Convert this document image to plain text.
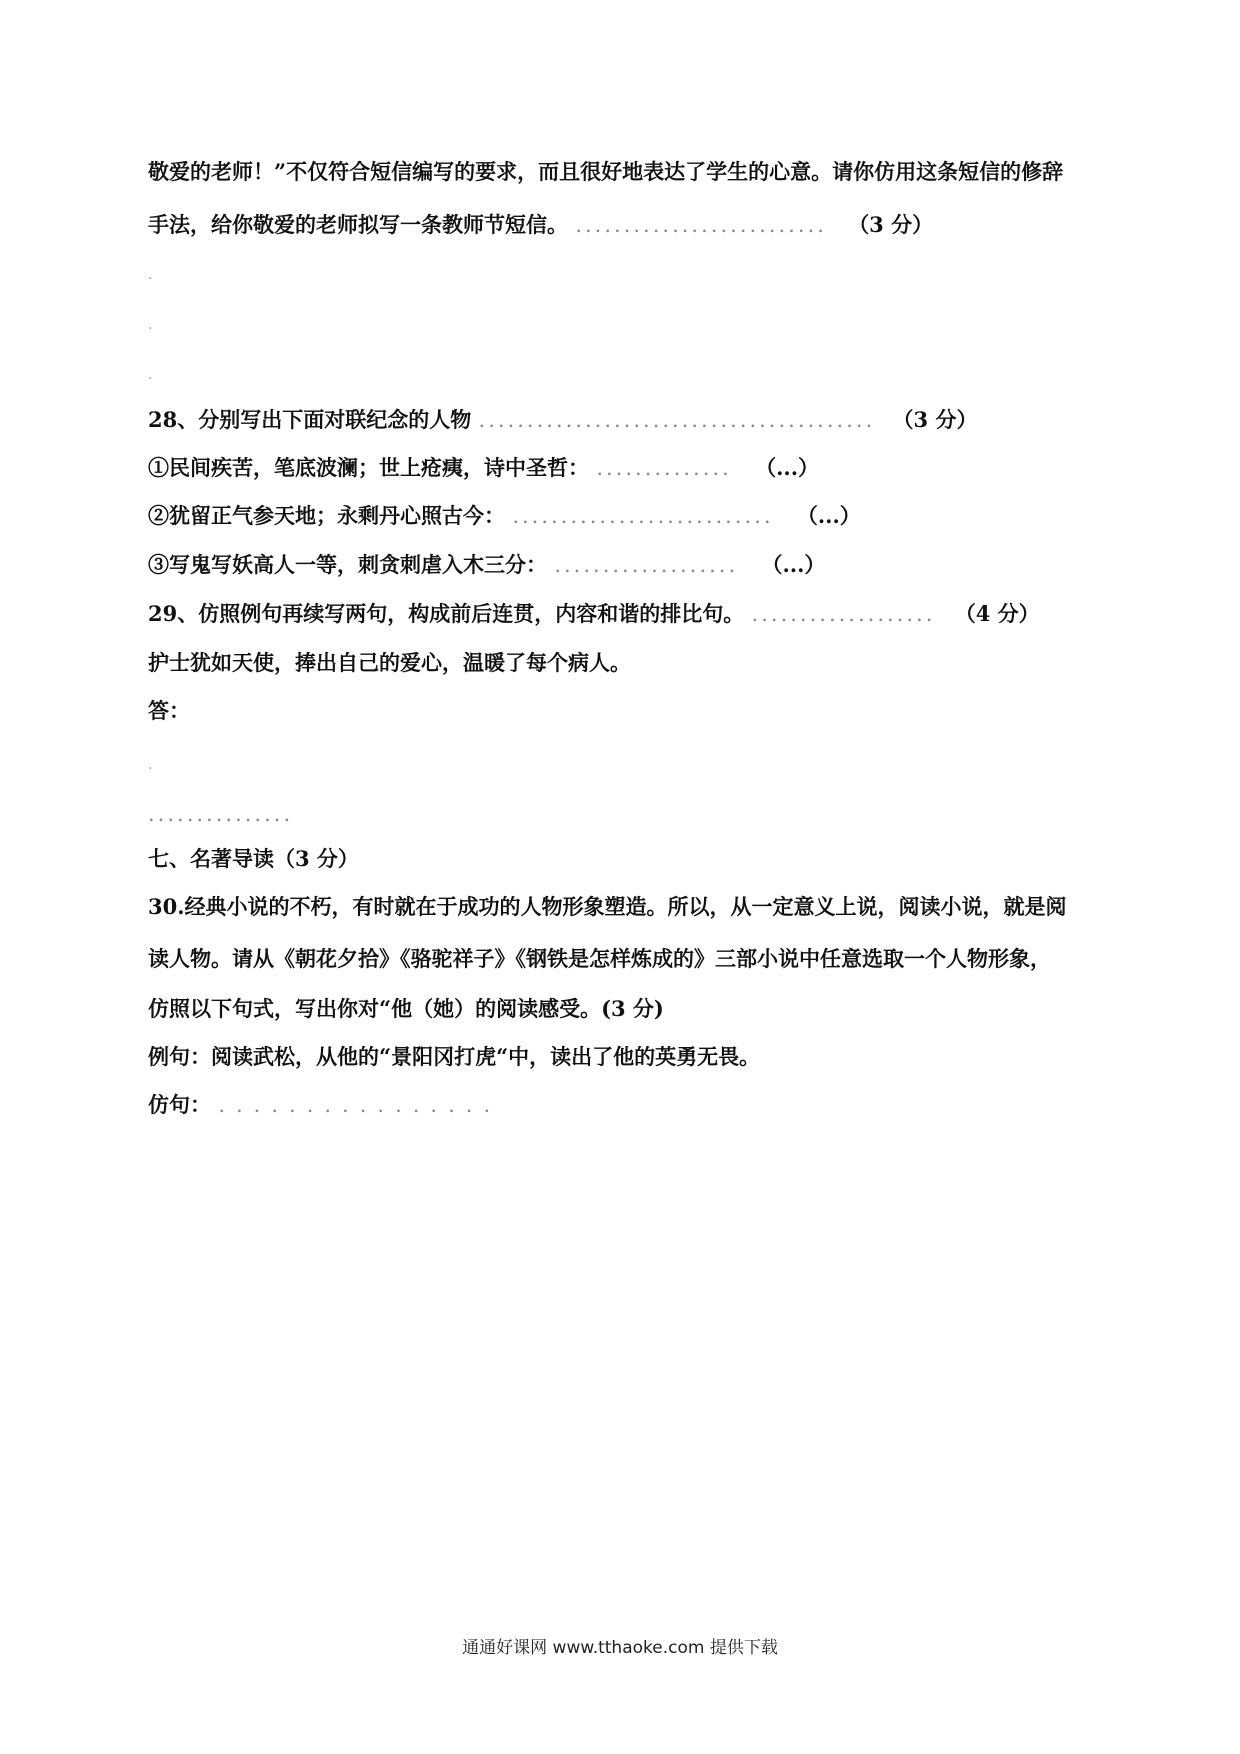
敬爱的老师！”不仅符合短信编写的要求，而且很好地表达了学生的心意。请你仿用这条短信的修辞
手法，给你敬爱的老师拟写一条教师节短信。 .......................... （3 分）
.
.
.
28、分别写出下面对联纪念的人物 ......................................... （3 分）
①民间疾苦，笔底波澜；世上疮痍，诗中圣哲： .............. （...）
②犹留正气参天地；永剩丹心照古今： ........................... （...）
③写鬼写妖高人一等，刺贪刺虐入木三分： ................... （...）
29、仿照例句再续写两句，构成前后连贯，内容和谐的排比句。 ................... （4 分）
护士犹如天使，捧出自己的爱心，温暖了每个病人。
答：
.
...............
七、名著导读（3 分）
30.经典小说的不朽，有时就在于成功的人物形象塑造。所以，从一定意义上说，阅读小说，就是阅
读人物。请从《朝花夕拾》《骆驼祥子》《钢铁是怎样炼成的》三部小说中任意选取一个人物形象，
仿照以下句式，写出你对“他（她）的阅读感受。(3 分)
例句：阅读武松，从他的“景阳冈打虎“中，读出了他的英勇无畏。
仿句： ................
通通好课网 www.tthaoke.com 提供下载
